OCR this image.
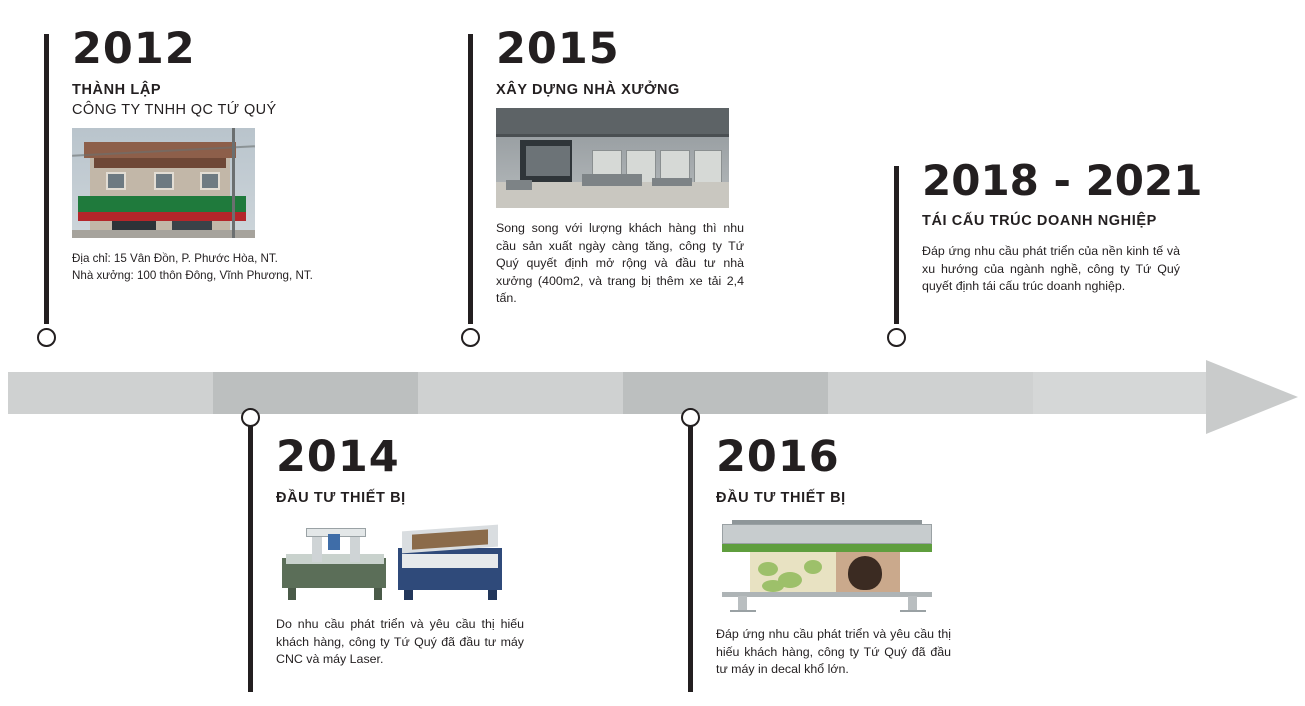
2012
THÀNH LẬP
CÔNG TY TNHH QC TỨ QUÝ
Địa chỉ: 15 Vân Đồn, P. Phước Hòa, NT.
Nhà xưởng: 100 thôn Đông, Vĩnh Phương, NT.
2015
XÂY DỰNG NHÀ XƯỞNG
Song song với lượng khách hàng thì nhu cầu sản xuất ngày càng tăng, công ty Tứ Quý quyết định mở rộng và đầu tư nhà xưởng (400m2, và trang bị thêm xe tải 2,4 tấn.
2018 - 2021
TÁI CẤU TRÚC DOANH NGHIỆP
Đáp ứng nhu cầu phát triển của nền kinh tế và xu hướng của ngành nghề, công ty Tứ Quý quyết định tái cấu trúc doanh nghiệp.
2014
ĐẦU TƯ THIẾT BỊ
Do nhu cầu phát triển và yêu cầu thị hiếu khách hàng, công ty Tứ Quý đã đầu tư máy CNC và máy Laser.
2016
ĐẦU TƯ THIẾT BỊ
Đáp ứng nhu cầu phát triển và yêu cầu thị hiếu khách hàng, công ty Tứ Quý đã đầu tư máy in decal khổ lớn.
